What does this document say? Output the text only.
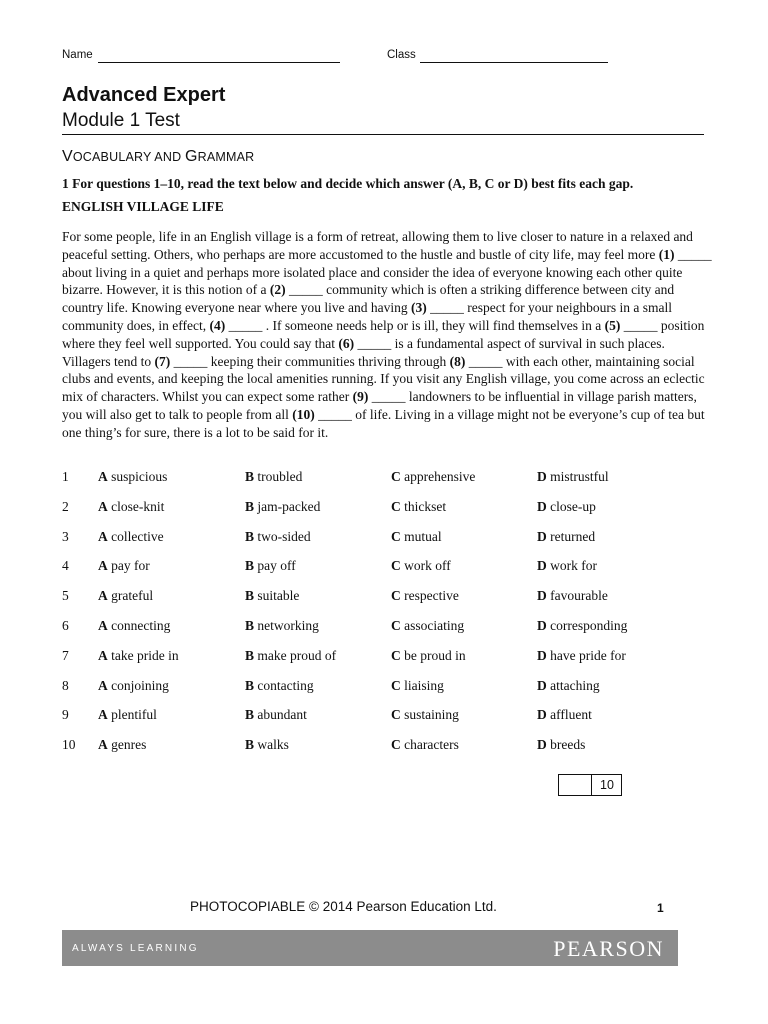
Name	Class
Advanced Expert
Module 1 Test
VOCABULARY AND GRAMMAR
1 For questions 1–10, read the text below and decide which answer (A, B, C or D) best fits each gap.
ENGLISH VILLAGE LIFE

For some people, life in an English village is a form of retreat, allowing them to live closer to nature in a relaxed and peaceful setting. Others, who perhaps are more accustomed to the hustle and bustle of city life, may feel more (1) _____ about living in a quiet and perhaps more isolated place and consider the idea of everyone knowing each other quite bizarre. However, it is this notion of a (2) _____ community which is often a striking difference between city and country life. Knowing everyone near where you live and having (3) _____ respect for your neighbours in a small community does, in effect, (4) _____ . If someone needs help or is ill, they will find themselves in a (5) _____ position where they feel well supported. You could say that (6) _____ is a fundamental aspect of survival in such places. Villagers tend to (7) _____ keeping their communities thriving through (8) _____ with each other, maintaining social clubs and events, and keeping the local amenities running. If you visit any English village, you come across an eclectic mix of characters. Whilst you can expect some rather (9) _____ landowners to be influential in village parish matters, you will also get to talk to people from all (10) _____ of life. Living in a village might not be everyone’s cup of tea but one thing’s for sure, there is a lot to be said for it.

1 A suspicious	B troubled	C apprehensive	D mistrustful
2 A close-knit	B jam-packed	C thickset	D close-up
3 A collective	B two-sided	C mutual	D returned
4 A pay for	B pay off	C work off	D work for
5 A grateful	B suitable	C respective	D favourable
6 A connecting	B networking	C associating	D corresponding
7 A take pride in	B make proud of	C be proud in	D have pride for
8 A conjoining	B contacting	C liaising	D attaching
9 A plentiful	B abundant	C sustaining	D affluent
10 A genres	B walks	C characters	D breeds
10
PHOTOCOPIABLE © 2014 Pearson Education Ltd.	1
ALWAYS LEARNING	PEARSON
